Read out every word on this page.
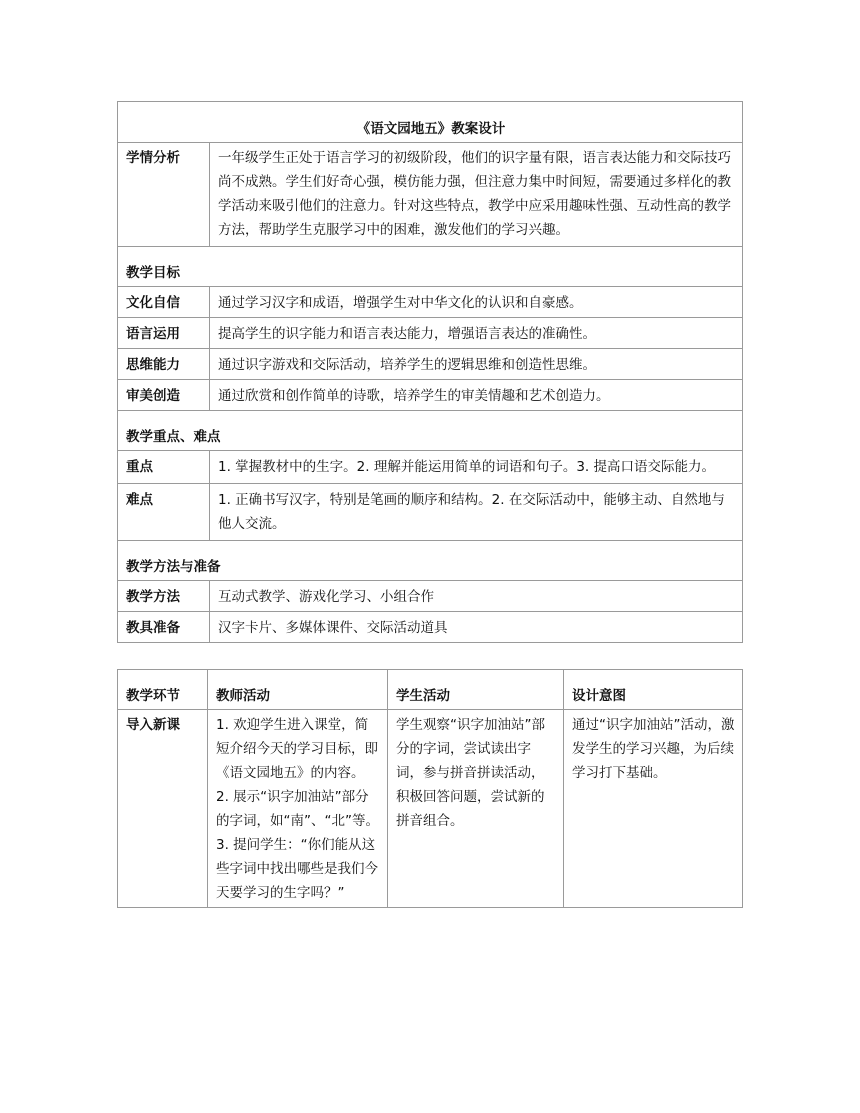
《语文园地五》教案设计	
学情分析	一年级学生正处于语言学习的初级阶段，他们的识字量有限，语言表达能力和交际技巧尚不成熟。学生们好奇心强，模仿能力强，但注意力集中时间短，需要通过多样化的教学活动来吸引他们的注意力。针对这些特点，教学中应采用趣味性强、互动性高的教学方法，帮助学生克服学习中的困难，激发他们的学习兴趣。
教学目标	
文化自信	通过学习汉字和成语，增强学生对中华文化的认识和自豪感。
语言运用	提高学生的识字能力和语言表达能力，增强语言表达的准确性。
思维能力	通过识字游戏和交际活动，培养学生的逻辑思维和创造性思维。
审美创造	通过欣赏和创作简单的诗歌，培养学生的审美情趣和艺术创造力。
教学重点、难点	
重点	1. 掌握教材中的生字。2. 理解并能运用简单的词语和句子。3. 提高口语交际能力。
难点	1. 正确书写汉字，特别是笔画的顺序和结构。2. 在交际活动中，能够主动、自然地与他人交流。
教学方法与准备	
教学方法	互动式教学、游戏化学习、小组合作
教具准备	汉字卡片、多媒体课件、交际活动道具
教学环节	教师活动	学生活动	设计意图
导入新课	1. 欢迎学生进入课堂，简短介绍今天的学习目标，即《语文园地五》的内容。
2. 展示“识字加油站”部分的字词，如“南”、“北”等。
3. 提问学生：“你们能从这些字词中找出哪些是我们今天要学习的生字吗？”	学生观察“识字加油站”部分的字词，尝试读出字词，参与拼音拼读活动，积极回答问题，尝试新的拼音组合。	通过“识字加油站”活动，激发学生的学习兴趣，为后续学习打下基础。
